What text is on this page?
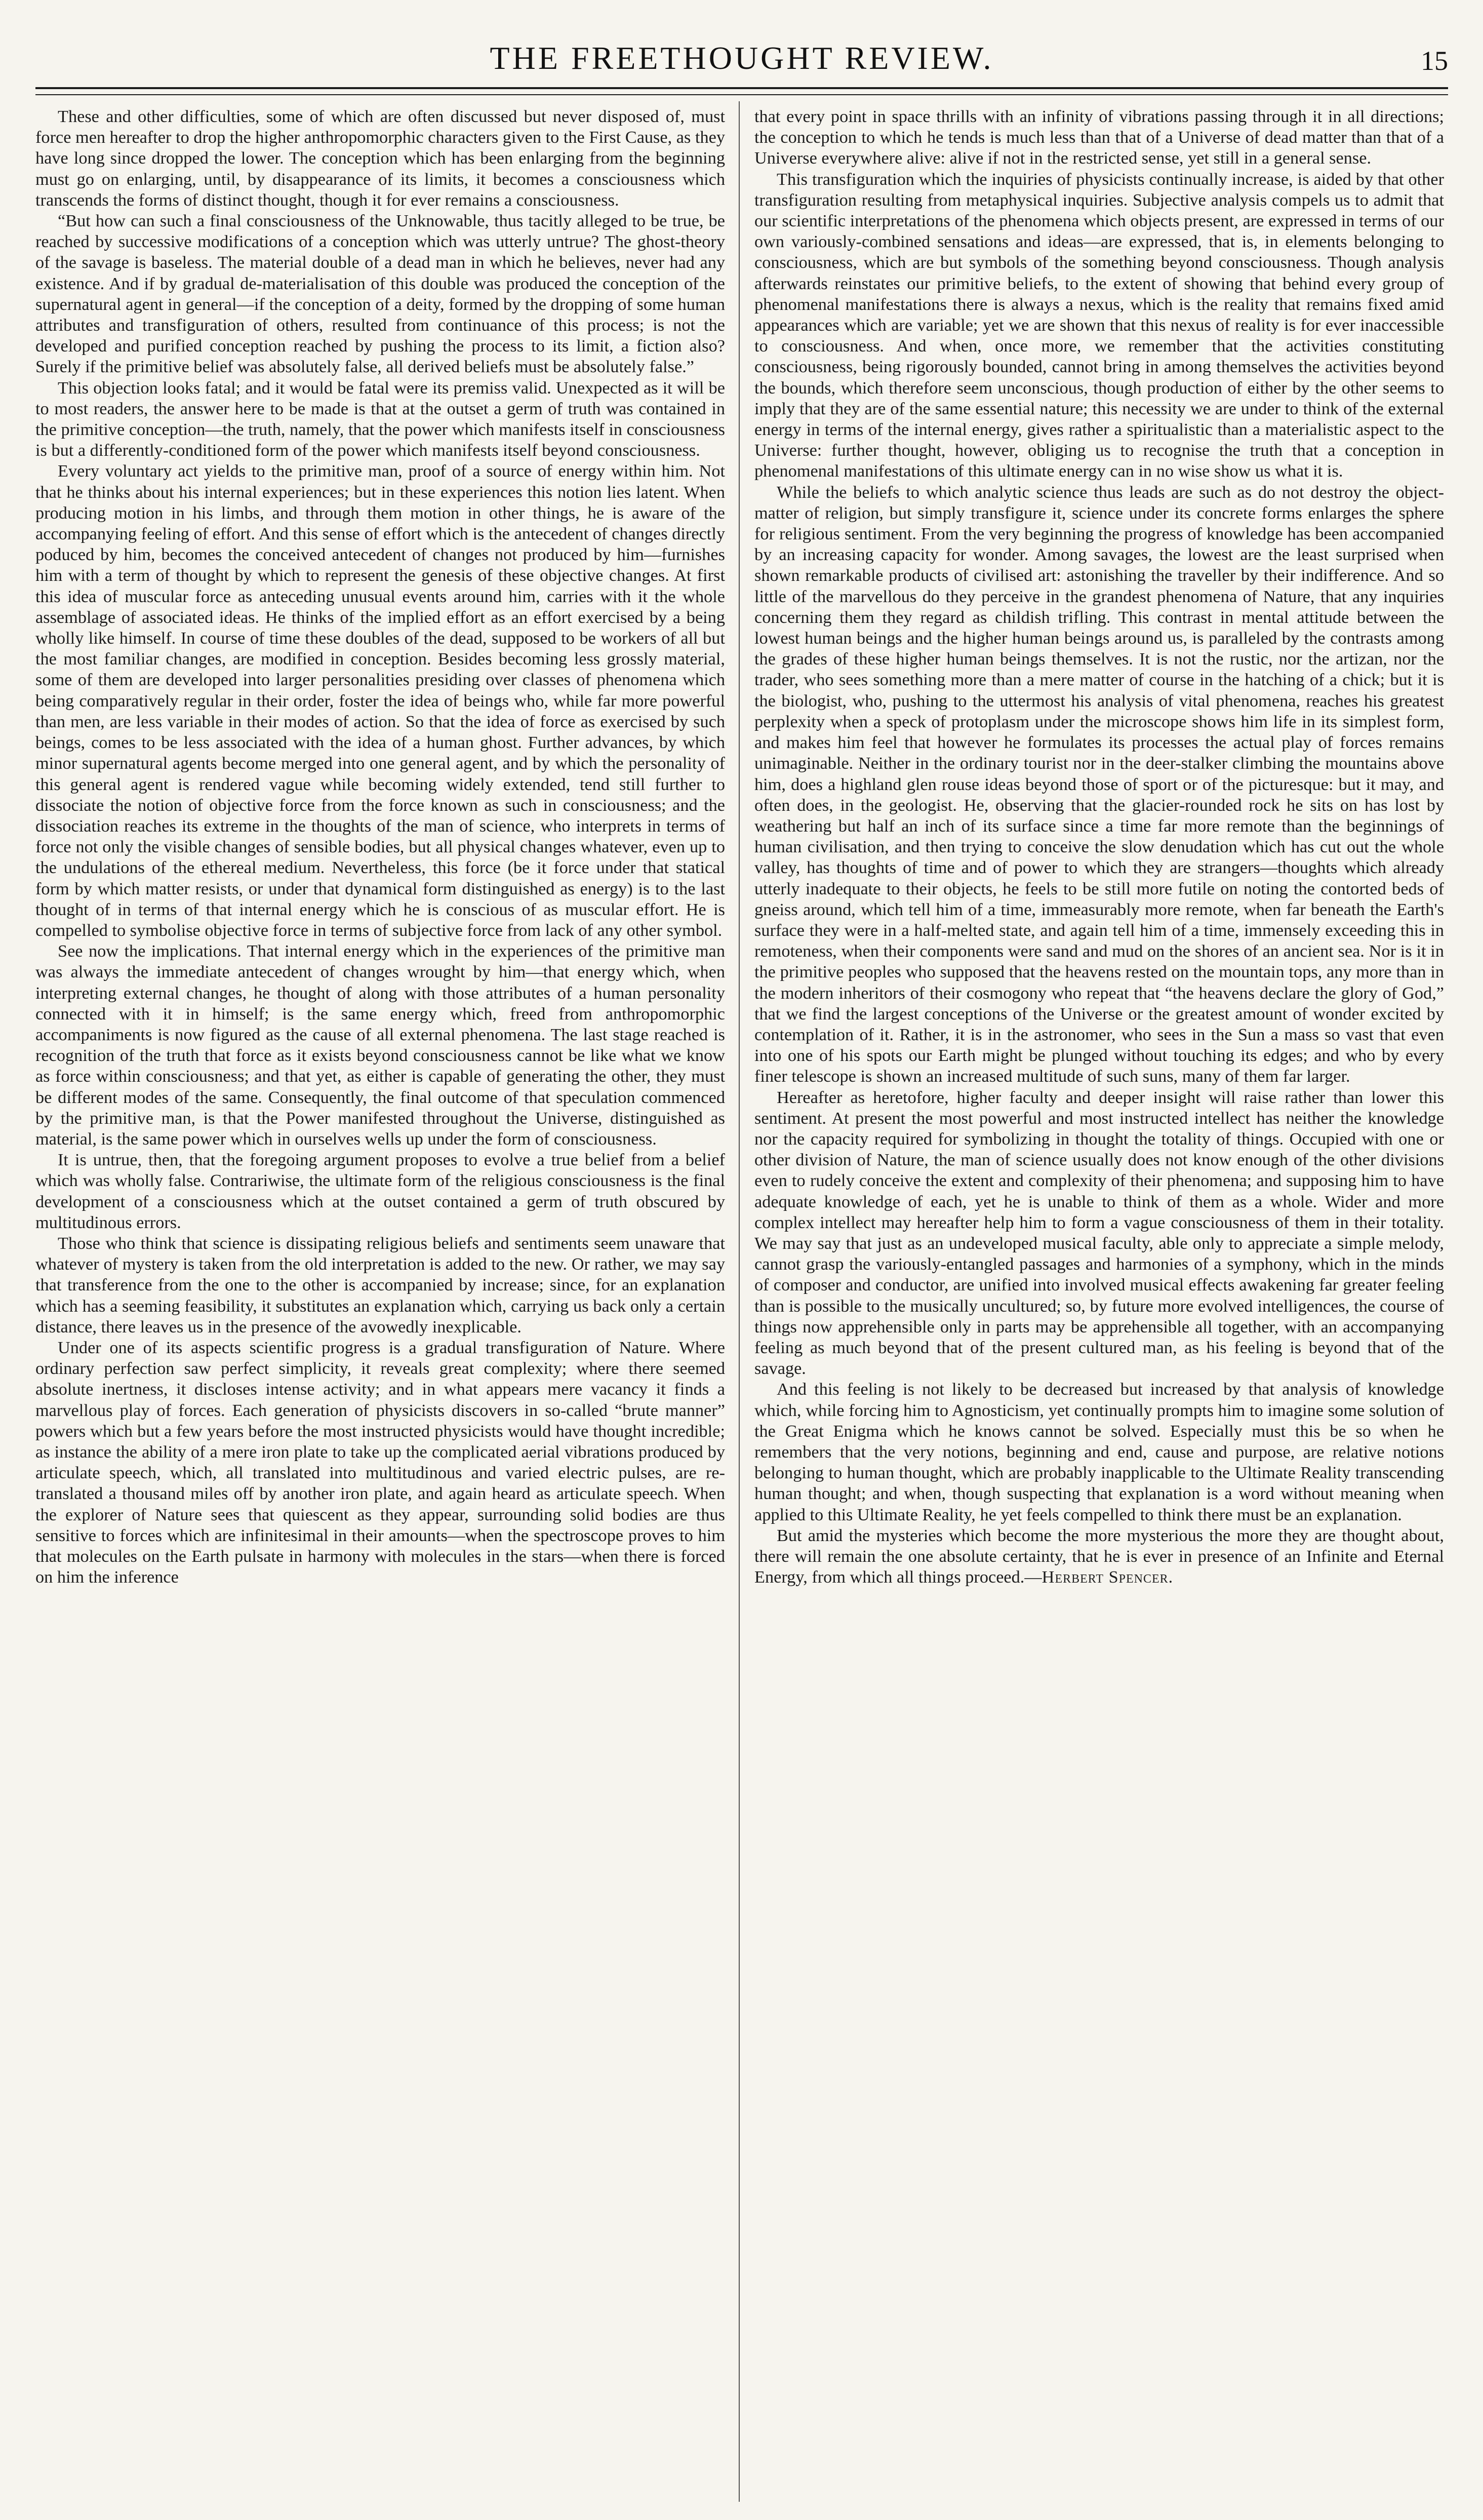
THE FREETHOUGHT REVIEW.	15

These and other difficulties, some of which are often discussed but never disposed of, must force men hereafter to drop the higher anthropomorphic characters given to the First Cause, as they have long since dropped the lower. The conception which has been enlarging from the beginning must go on enlarging, until, by disappearance of its limits, it becomes a consciousness which transcends the forms of distinct thought, though it for ever remains a consciousness.

“But how can such a final consciousness of the Unknowable, thus tacitly alleged to be true, be reached by successive modifications of a conception which was utterly untrue? The ghost-theory of the savage is baseless. The material double of a dead man in which he believes, never had any existence. And if by gradual de-materialisation of this double was produced the conception of the supernatural agent in general—if the conception of a deity, formed by the dropping of some human attributes and transfiguration of others, resulted from continuance of this process; is not the developed and purified conception reached by pushing the process to its limit, a fiction also? Surely if the primitive belief was absolutely false, all derived beliefs must be absolutely false.”

This objection looks fatal; and it would be fatal were its premiss valid. Unexpected as it will be to most readers, the answer here to be made is that at the outset a germ of truth was contained in the primitive conception—the truth, namely, that the power which manifests itself in consciousness is but a differently-conditioned form of the power which manifests itself beyond consciousness.

Every voluntary act yields to the primitive man, proof of a source of energy within him. Not that he thinks about his internal experiences; but in these experiences this notion lies latent. When producing motion in his limbs, and through them motion in other things, he is aware of the accompanying feeling of effort. And this sense of effort which is the antecedent of changes directly poduced by him, becomes the conceived antecedent of changes not produced by him—furnishes him with a term of thought by which to represent the genesis of these objective changes. At first this idea of muscular force as anteceding unusual events around him, carries with it the whole assemblage of associated ideas. He thinks of the implied effort as an effort exercised by a being wholly like himself. In course of time these doubles of the dead, supposed to be workers of all but the most familiar changes, are modified in conception. Besides becoming less grossly material, some of them are developed into larger personalities presiding over classes of phenomena which being comparatively regular in their order, foster the idea of beings who, while far more powerful than men, are less variable in their modes of action. So that the idea of force as exercised by such beings, comes to be less associated with the idea of a human ghost. Further advances, by which minor supernatural agents become merged into one general agent, and by which the personality of this general agent is rendered vague while becoming widely extended, tend still further to dissociate the notion of objective force from the force known as such in consciousness; and the dissociation reaches its extreme in the thoughts of the man of science, who interprets in terms of force not only the visible changes of sensible bodies, but all physical changes whatever, even up to the undulations of the ethereal medium. Nevertheless, this force (be it force under that statical form by which matter resists, or under that dynamical form distinguished as energy) is to the last thought of in terms of that internal energy which he is conscious of as muscular effort. He is compelled to symbolise objective force in terms of subjective force from lack of any other symbol.

See now the implications. That internal energy which in the experiences of the primitive man was always the immediate antecedent of changes wrought by him—that energy which, when interpreting external changes, he thought of along with those attributes of a human personality connected with it in himself; is the same energy which, freed from anthropomorphic accompaniments is now figured as the cause of all external phenomena. The last stage reached is recognition of the truth that force as it exists beyond consciousness cannot be like what we know as force within consciousness; and that yet, as either is capable of generating the other, they must be different modes of the same. Consequently, the final outcome of that speculation commenced by the primitive man, is that the Power manifested throughout the Universe, distinguished as material, is the same power which in ourselves wells up under the form of consciousness.

It is untrue, then, that the foregoing argument proposes to evolve a true belief from a belief which was wholly false. Contrariwise, the ultimate form of the religious consciousness is the final development of a consciousness which at the outset contained a germ of truth obscured by multitudinous errors.

Those who think that science is dissipating religious beliefs and sentiments seem unaware that whatever of mystery is taken from the old interpretation is added to the new. Or rather, we may say that transference from the one to the other is accompanied by increase; since, for an explanation which has a seeming feasibility, it substitutes an explanation which, carrying us back only a certain distance, there leaves us in the presence of the avowedly inexplicable.

Under one of its aspects scientific progress is a gradual transfiguration of Nature. Where ordinary perfection saw perfect simplicity, it reveals great complexity; where there seemed absolute inertness, it discloses intense activity; and in what appears mere vacancy it finds a marvellous play of forces. Each generation of physicists discovers in so-called “brute manner” powers which but a few years before the most instructed physicists would have thought incredible; as instance the ability of a mere iron plate to take up the complicated aerial vibrations produced by articulate speech, which, all translated into multitudinous and varied electric pulses, are re-translated a thousand miles off by another iron plate, and again heard as articulate speech. When the explorer of Nature sees that quiescent as they appear, surrounding solid bodies are thus sensitive to forces which are infinitesimal in their amounts—when the spectroscope proves to him that molecules on the Earth pulsate in harmony with molecules in the stars—when there is forced on him the inference

that every point in space thrills with an infinity of vibrations passing through it in all directions; the conception to which he tends is much less than that of a Universe of dead matter than that of a Universe everywhere alive: alive if not in the restricted sense, yet still in a general sense.

This transfiguration which the inquiries of physicists continually increase, is aided by that other transfiguration resulting from metaphysical inquiries. Subjective analysis compels us to admit that our scientific interpretations of the phenomena which objects present, are expressed in terms of our own variously-combined sensations and ideas—are expressed, that is, in elements belonging to consciousness, which are but symbols of the something beyond consciousness. Though analysis afterwards reinstates our primitive beliefs, to the extent of showing that behind every group of phenomenal manifestations there is always a nexus, which is the reality that remains fixed amid appearances which are variable; yet we are shown that this nexus of reality is for ever inaccessible to consciousness. And when, once more, we remember that the activities constituting consciousness, being rigorously bounded, cannot bring in among themselves the activities beyond the bounds, which therefore seem unconscious, though production of either by the other seems to imply that they are of the same essential nature; this necessity we are under to think of the external energy in terms of the internal energy, gives rather a spiritualistic than a materialistic aspect to the Universe: further thought, however, obliging us to recognise the truth that a conception in phenomenal manifestations of this ultimate energy can in no wise show us what it is.

While the beliefs to which analytic science thus leads are such as do not destroy the object-matter of religion, but simply transfigure it, science under its concrete forms enlarges the sphere for religious sentiment. From the very beginning the progress of knowledge has been accompanied by an increasing capacity for wonder. Among savages, the lowest are the least surprised when shown remarkable products of civilised art: astonishing the traveller by their indifference. And so little of the marvellous do they perceive in the grandest phenomena of Nature, that any inquiries concerning them they regard as childish trifling. This contrast in mental attitude between the lowest human beings and the higher human beings around us, is paralleled by the contrasts among the grades of these higher human beings themselves. It is not the rustic, nor the artizan, nor the trader, who sees something more than a mere matter of course in the hatching of a chick; but it is the biologist, who, pushing to the uttermost his analysis of vital phenomena, reaches his greatest perplexity when a speck of protoplasm under the microscope shows him life in its simplest form, and makes him feel that however he formulates its processes the actual play of forces remains unimaginable. Neither in the ordinary tourist nor in the deer-stalker climbing the mountains above him, does a highland glen rouse ideas beyond those of sport or of the picturesque: but it may, and often does, in the geologist. He, observing that the glacier-rounded rock he sits on has lost by weathering but half an inch of its surface since a time far more remote than the beginnings of human civilisation, and then trying to conceive the slow denudation which has cut out the whole valley, has thoughts of time and of power to which they are strangers—thoughts which already utterly inadequate to their objects, he feels to be still more futile on noting the contorted beds of gneiss around, which tell him of a time, immeasurably more remote, when far beneath the Earth's surface they were in a half-melted state, and again tell him of a time, immensely exceeding this in remoteness, when their components were sand and mud on the shores of an ancient sea. Nor is it in the primitive peoples who supposed that the heavens rested on the mountain tops, any more than in the modern inheritors of their cosmogony who repeat that “the heavens declare the glory of God,” that we find the largest conceptions of the Universe or the greatest amount of wonder excited by contemplation of it. Rather, it is in the astronomer, who sees in the Sun a mass so vast that even into one of his spots our Earth might be plunged without touching its edges; and who by every finer telescope is shown an increased multitude of such suns, many of them far larger.

Hereafter as heretofore, higher faculty and deeper insight will raise rather than lower this sentiment. At present the most powerful and most instructed intellect has neither the knowledge nor the capacity required for symbolizing in thought the totality of things. Occupied with one or other division of Nature, the man of science usually does not know enough of the other divisions even to rudely conceive the extent and complexity of their phenomena; and supposing him to have adequate knowledge of each, yet he is unable to think of them as a whole. Wider and more complex intellect may hereafter help him to form a vague consciousness of them in their totality. We may say that just as an undeveloped musical faculty, able only to appreciate a simple melody, cannot grasp the variously-entangled passages and harmonies of a symphony, which in the minds of composer and conductor, are unified into involved musical effects awakening far greater feeling than is possible to the musically uncultured; so, by future more evolved intelligences, the course of things now apprehensible only in parts may be apprehensible all together, with an accompanying feeling as much beyond that of the present cultured man, as his feeling is beyond that of the savage.

And this feeling is not likely to be decreased but increased by that analysis of knowledge which, while forcing him to Agnosticism, yet continually prompts him to imagine some solution of the Great Enigma which he knows cannot be solved. Especially must this be so when he remembers that the very notions, beginning and end, cause and purpose, are relative notions belonging to human thought, which are probably inapplicable to the Ultimate Reality transcending human thought; and when, though suspecting that explanation is a word without meaning when applied to this Ultimate Reality, he yet feels compelled to think there must be an explanation.

But amid the mysteries which become the more mysterious the more they are thought about, there will remain the one absolute certainty, that he is ever in presence of an Infinite and Eternal Energy, from which all things proceed.—Herbert Spencer.
